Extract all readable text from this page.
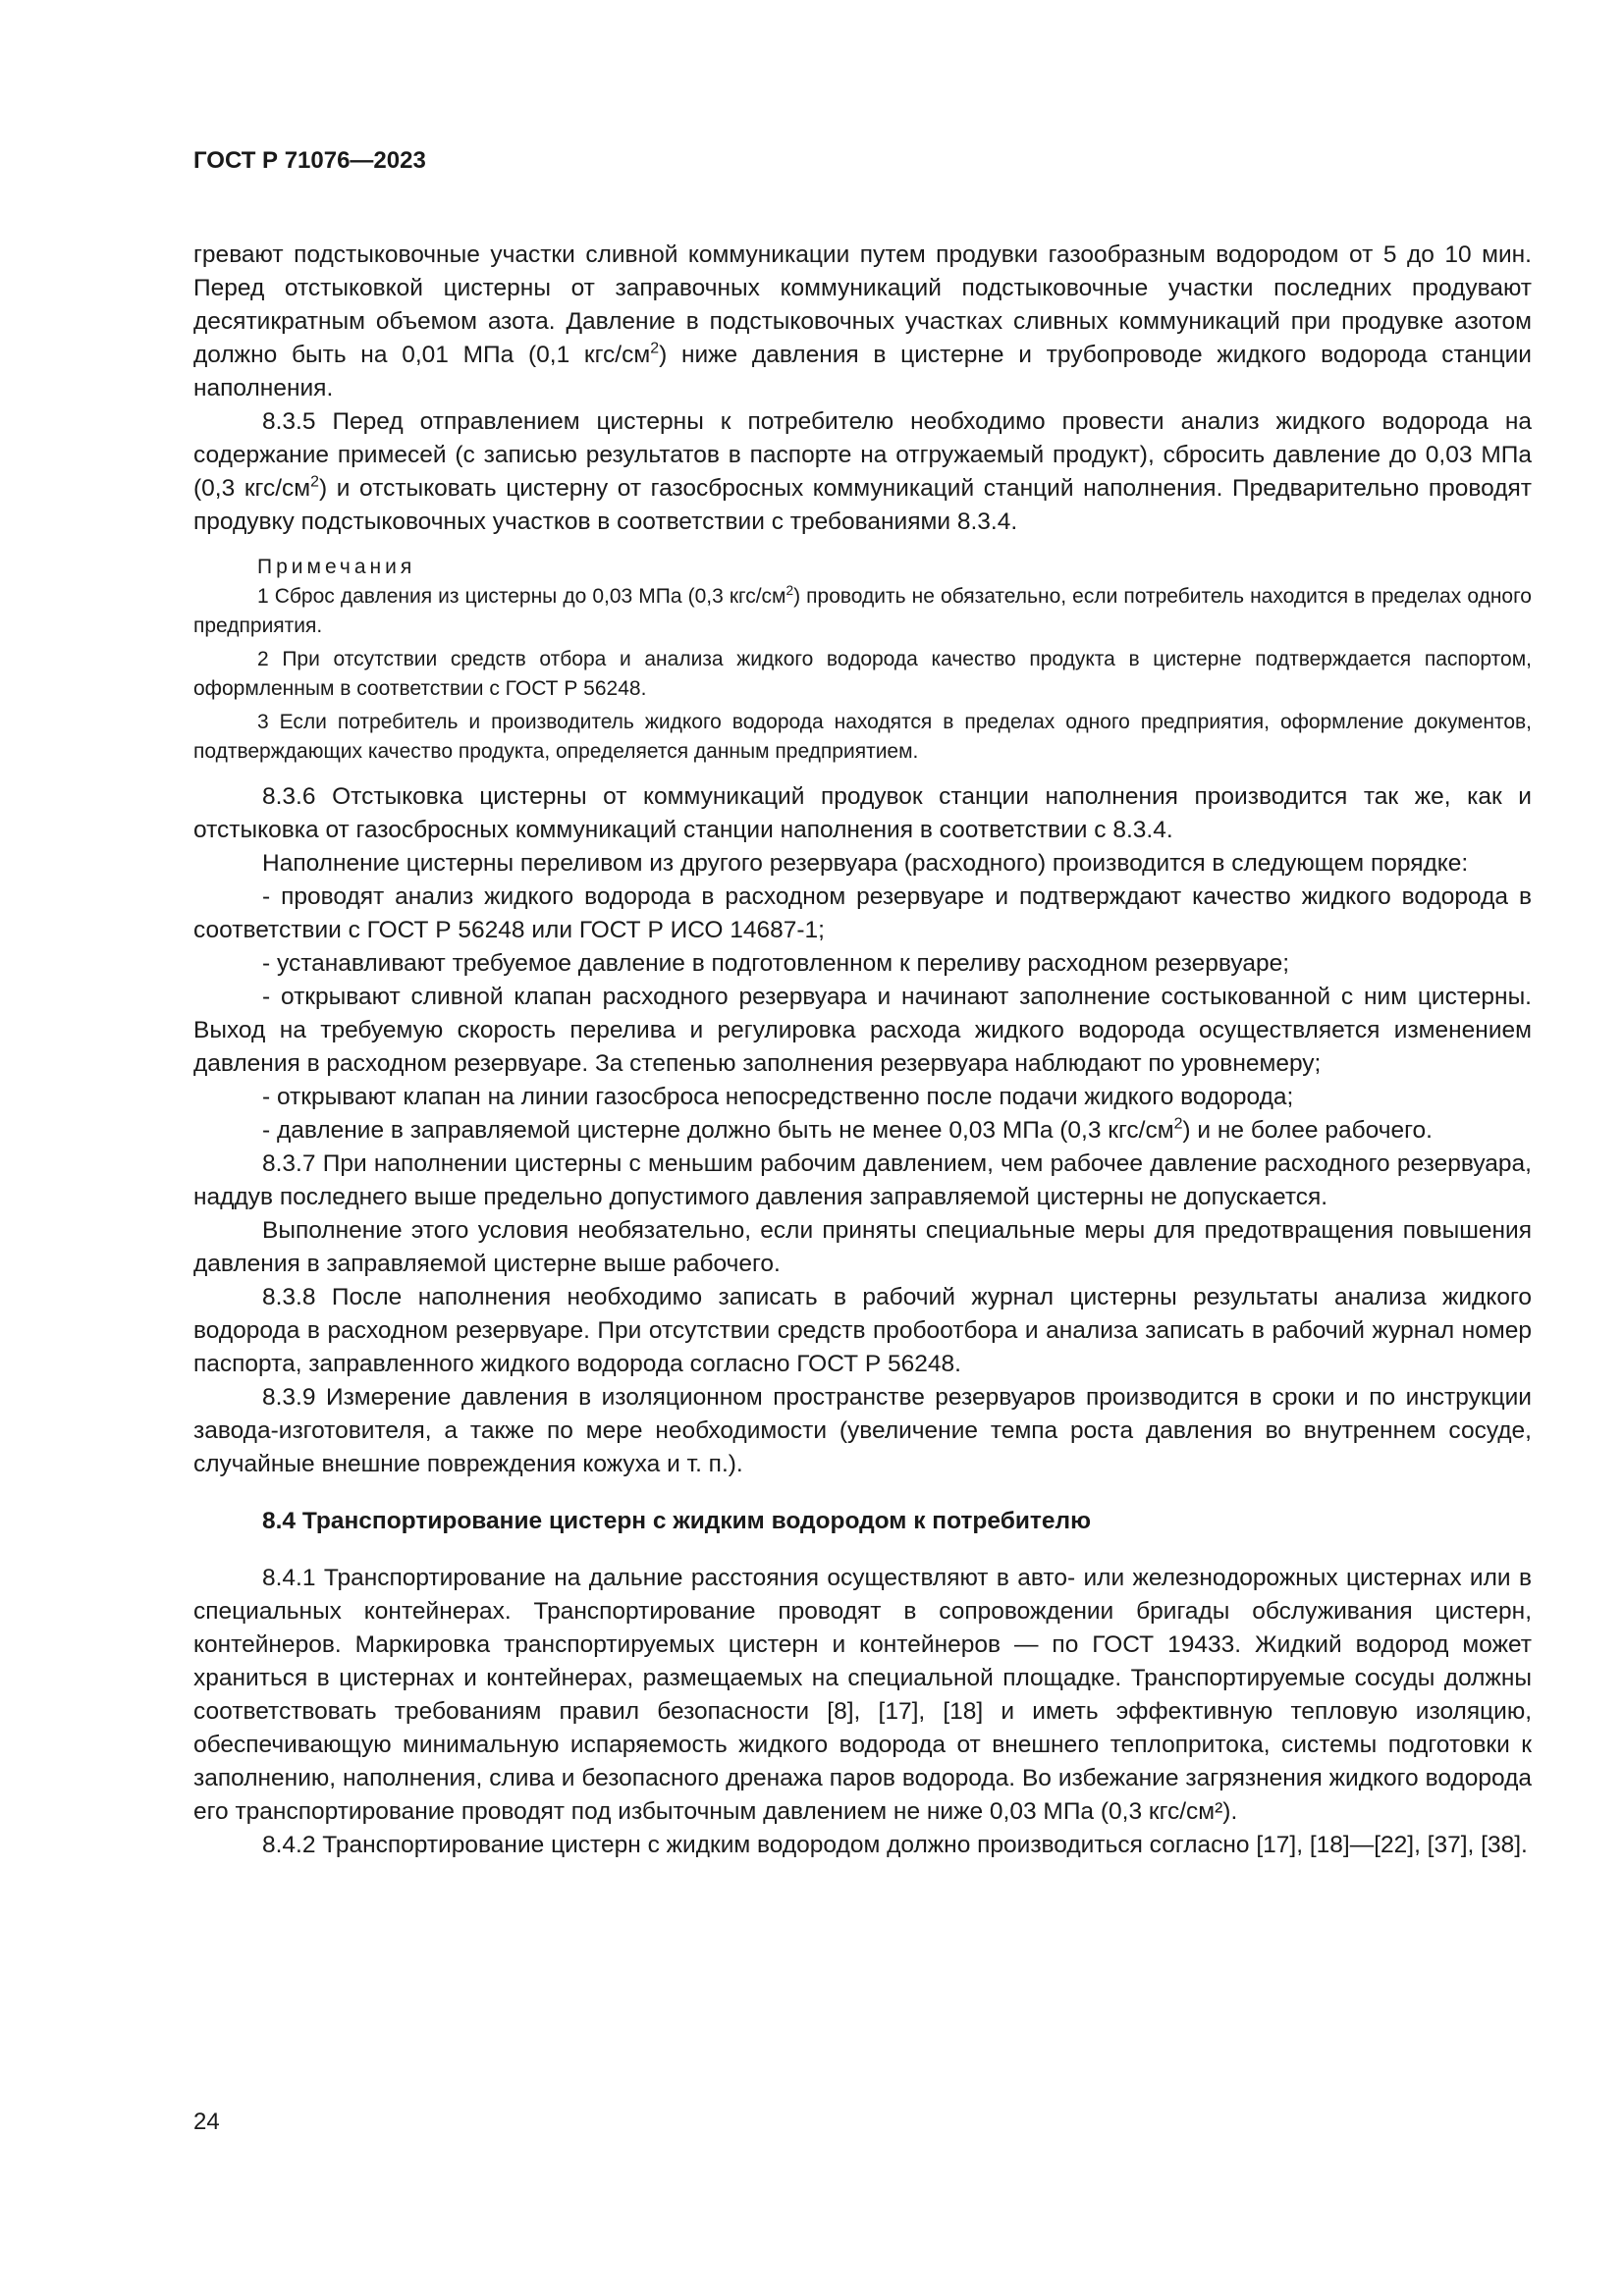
ГОСТ Р 71076—2023

гревают подстыковочные участки сливной коммуникации путем продувки газообразным водородом от 5 до 10 мин. Перед отстыковкой цистерны от заправочных коммуникаций подстыковочные участки последних продувают десятикратным объемом азота. Давление в подстыковочных участках сливных коммуникаций при продувке азотом должно быть на 0,01 МПа (0,1 кгс/$см^2$) ниже давления в цистерне и трубопроводе жидкого водорода станции наполнения.

8.3.5 Перед отправлением цистерны к потребителю необходимо провести анализ жидкого водорода на содержание примесей (с записью результатов в паспорте на отгружаемый продукт), сбросить давление до 0,03 МПа (0,3 кгс/$см^2$) и отстыковать цистерну от газосбросных коммуникаций станций наполнения. Предварительно проводят продувку подстыковочных участков в соответствии с требованиями 8.3.4.

Примечания

1 Сброс давления из цистерны до 0,03 МПа (0,3 кгс/$см^2$) проводить не обязательно, если потребитель находится в пределах одного предприятия.

2 При отсутствии средств отбора и анализа жидкого водорода качество продукта в цистерне подтверждается паспортом, оформленным в соответствии с ГОСТ Р 56248.

3 Если потребитель и производитель жидкого водорода находятся в пределах одного предприятия, оформление документов, подтверждающих качество продукта, определяется данным предприятием.

8.3.6 Отстыковка цистерны от коммуникаций продувок станции наполнения производится так же, как и отстыковка от газосбросных коммуникаций станции наполнения в соответствии с 8.3.4.

Наполнение цистерны переливом из другого резервуара (расходного) производится в следующем порядке:

- проводят анализ жидкого водорода в расходном резервуаре и подтверждают качество жидкого водорода в соответствии с ГОСТ Р 56248 или ГОСТ Р ИСО 14687-1;

- устанавливают требуемое давление в подготовленном к переливу расходном резервуаре;

- открывают сливной клапан расходного резервуара и начинают заполнение состыкованной с ним цистерны. Выход на требуемую скорость перелива и регулировка расхода жидкого водорода осуществляется изменением давления в расходном резервуаре. За степенью заполнения резервуара наблюдают по уровнемеру;

- открывают клапан на линии газосброса непосредственно после подачи жидкого водорода;

- давление в заправляемой цистерне должно быть не менее 0,03 МПа (0,3 кгс/$см^2$) и не более рабочего.

8.3.7 При наполнении цистерны с меньшим рабочим давлением, чем рабочее давление расходного резервуара, наддув последнего выше предельно допустимого давления заправляемой цистерны не допускается.

Выполнение этого условия необязательно, если приняты специальные меры для предотвращения повышения давления в заправляемой цистерне выше рабочего.

8.3.8 После наполнения необходимо записать в рабочий журнал цистерны результаты анализа жидкого водорода в расходном резервуаре. При отсутствии средств пробоотбора и анализа записать в рабочий журнал номер паспорта, заправленного жидкого водорода согласно ГОСТ Р 56248.

8.3.9 Измерение давления в изоляционном пространстве резервуаров производится в сроки и по инструкции завода-изготовителя, а также по мере необходимости (увеличение темпа роста давления во внутреннем сосуде, случайные внешние повреждения кожуха и т. п.).

8.4 Транспортирование цистерн с жидким водородом к потребителю

8.4.1 Транспортирование на дальние расстояния осуществляют в авто- или железнодорожных цистернах или в специальных контейнерах. Транспортирование проводят в сопровождении бригады обслуживания цистерн, контейнеров. Маркировка транспортируемых цистерн и контейнеров — по ГОСТ 19433. Жидкий водород может храниться в цистернах и контейнерах, размещаемых на специальной площадке. Транспортируемые сосуды должны соответствовать требованиям правил безопасности [8], [17], [18] и иметь эффективную тепловую изоляцию, обеспечивающую минимальную испаряемость жидкого водорода от внешнего теплопритока, системы подготовки к заполнению, наполнения, слива и безопасного дренажа паров водорода. Во избежание загрязнения жидкого водорода его транспортирование проводят под избыточным давлением не ниже 0,03 МПа (0,3 кгс/см²).

8.4.2 Транспортирование цистерн с жидким водородом должно производиться согласно [17], [18]—[22], [37], [38].

24
